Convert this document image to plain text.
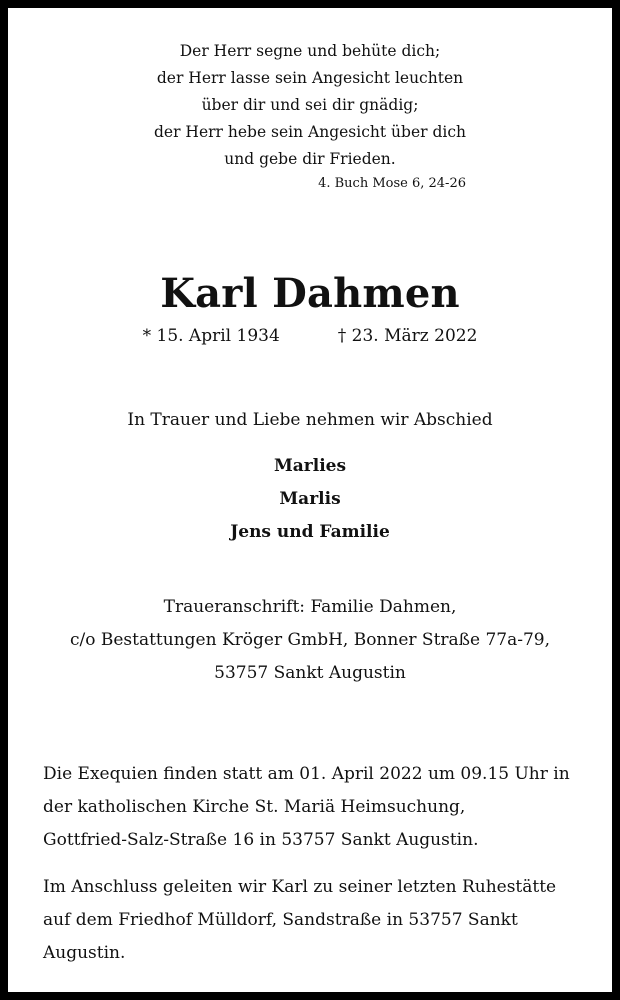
Der Herr segne und behüte dich;
der Herr lasse sein Angesicht leuchten
über dir und sei dir gnädig;
der Herr hebe sein Angesicht über dich
und gebe dir Frieden.
4. Buch Mose 6, 24-26
Karl Dahmen
* 15. April 1934	† 23. März 2022
In Trauer und Liebe nehmen wir Abschied
Marlies
Marlis
Jens und Familie
Traueranschrift: Familie Dahmen,
c/o Bestattungen Kröger GmbH, Bonner Straße 77a-79,
53757 Sankt Augustin
Die Exequien finden statt am 01. April 2022 um 09.15 Uhr in
der katholischen Kirche St. Mariä Heimsuchung,
Gottfried-Salz-Straße 16 in 53757 Sankt Augustin.
Im Anschluss geleiten wir Karl zu seiner letzten Ruhestätte
auf dem Friedhof Mülldorf, Sandstraße in 53757 Sankt
Augustin.
